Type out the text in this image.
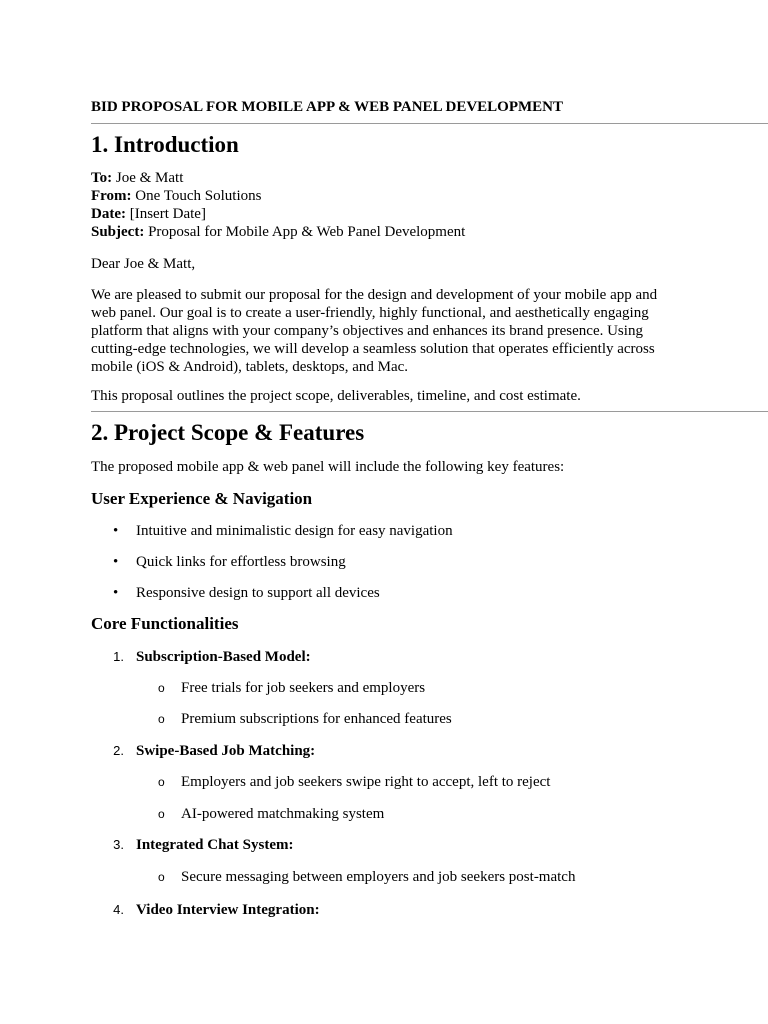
BID PROPOSAL FOR MOBILE APP & WEB PANEL DEVELOPMENT
1. Introduction
To: Joe & Matt
From: One Touch Solutions
Date: [Insert Date]
Subject: Proposal for Mobile App & Web Panel Development
Dear Joe & Matt,
We are pleased to submit our proposal for the design and development of your mobile app and web panel. Our goal is to create a user-friendly, highly functional, and aesthetically engaging platform that aligns with your company’s objectives and enhances its brand presence. Using cutting-edge technologies, we will develop a seamless solution that operates efficiently across mobile (iOS & Android), tablets, desktops, and Mac.
This proposal outlines the project scope, deliverables, timeline, and cost estimate.
2. Project Scope & Features
The proposed mobile app & web panel will include the following key features:
User Experience & Navigation
• Intuitive and minimalistic design for easy navigation
• Quick links for effortless browsing
• Responsive design to support all devices
Core Functionalities
1. Subscription-Based Model:
o Free trials for job seekers and employers
o Premium subscriptions for enhanced features
2. Swipe-Based Job Matching:
o Employers and job seekers swipe right to accept, left to reject
o AI-powered matchmaking system
3. Integrated Chat System:
o Secure messaging between employers and job seekers post-match
4. Video Interview Integration:
